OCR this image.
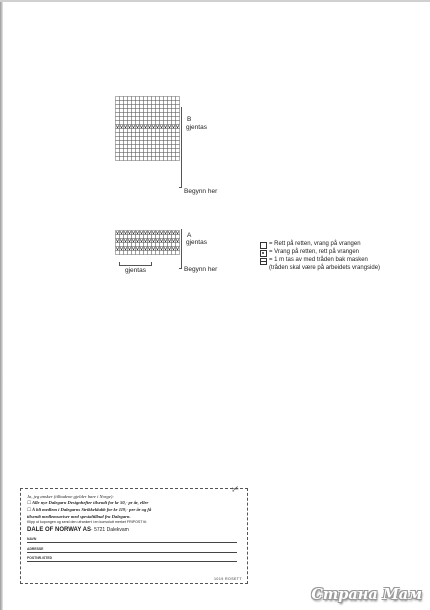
B
gjentas
Begynn her
A
gjentas
Begynn her
gjentas
= Rett på retten, vrang på vrangen
= Vrang på retten, rett på vrangen
= 1 m tas av med tråden bak masken
(tråden skal være på arbeidets vrangside)
✂
Ja, jeg ønsker (tilbudene gjelder bare i Norge):
☐Alle nye Dalegarn Designhefter tilsendt for kr 50,- pr år, eller
☐Å bli medlem i Dalegarns Strikkeklubb for kr 119,- per år og få
tilsendt medlemsaviser med spesialtilbud fra Dalegarn.
Klipp ut kupongen og send den ufrankert i en konvolutt merket FRIPOST til:
DALE OF NORWAY AS· 5721 Dalekvam
NAVN
ADRESSE
POSTNR./STED
1019 ROSETT
Страна Мам
